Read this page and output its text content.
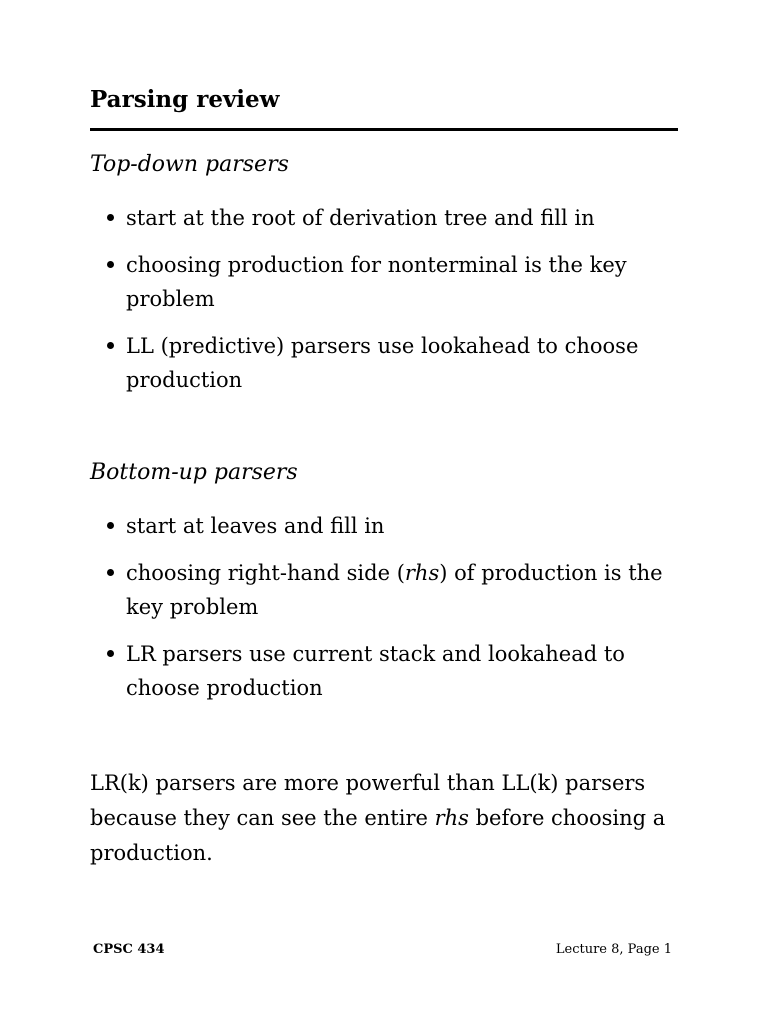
Parsing review
Top-down parsers
start at the root of derivation tree and fill in
choosing production for nonterminal is the key problem
LL (predictive) parsers use lookahead to choose production
Bottom-up parsers
start at leaves and fill in
choosing right-hand side (rhs) of production is the key problem
LR parsers use current stack and lookahead to choose production

LR(k) parsers are more powerful than LL(k) parsers because they can see the entire rhs before choosing a production.

CPSC 434	Lecture 8, Page 1
